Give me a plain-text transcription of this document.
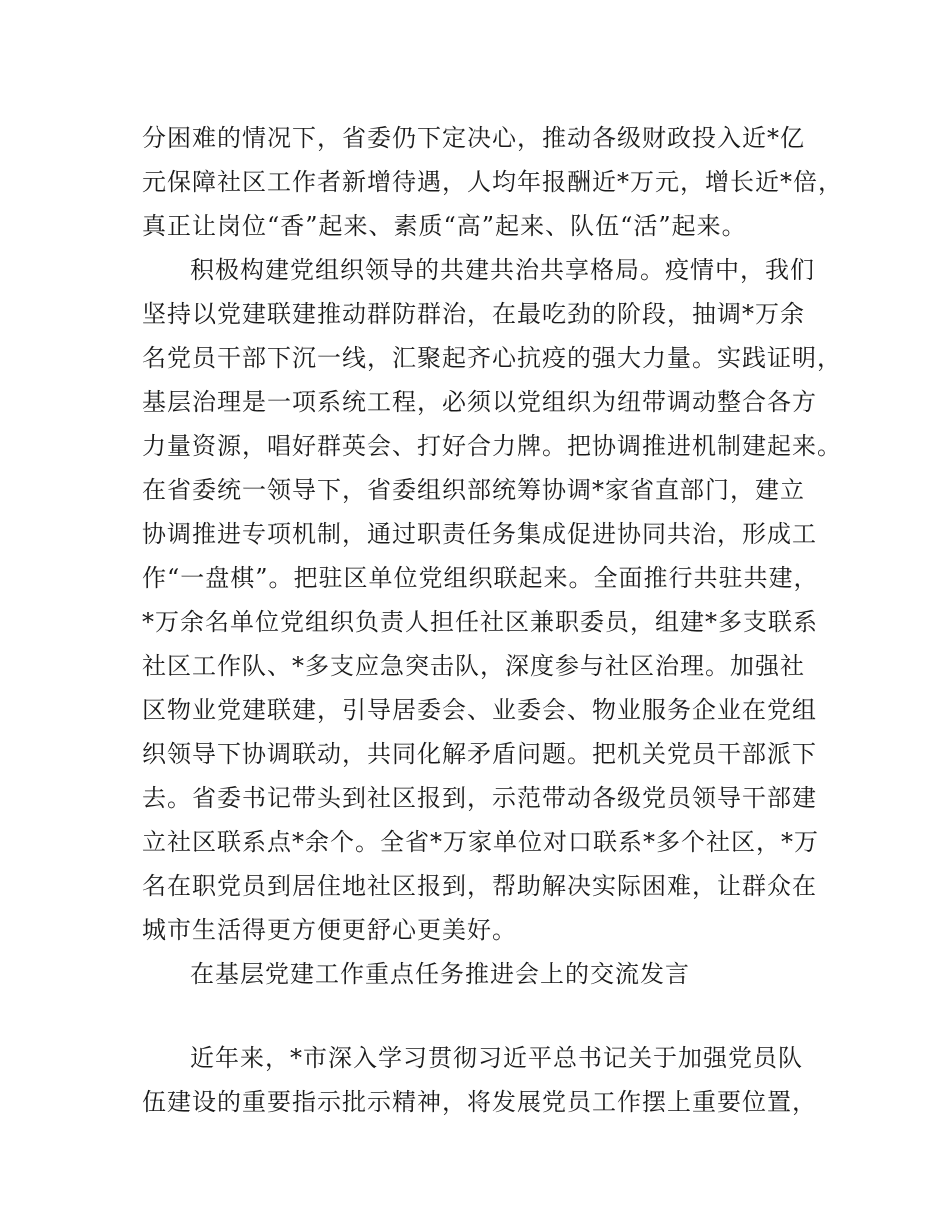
分困难的情况下，省委仍下定决心，推动各级财政投入近*亿
元保障社区工作者新增待遇，人均年报酬近*万元，增长近*倍，
真正让岗位“香”起来、素质“高”起来、队伍“活”起来。
积极构建党组织领导的共建共治共享格局。疫情中，我们
坚持以党建联建推动群防群治，在最吃劲的阶段，抽调*万余
名党员干部下沉一线，汇聚起齐心抗疫的强大力量。实践证明，
基层治理是一项系统工程，必须以党组织为纽带调动整合各方
力量资源，唱好群英会、打好合力牌。把协调推进机制建起来。
在省委统一领导下，省委组织部统筹协调*家省直部门，建立
协调推进专项机制，通过职责任务集成促进协同共治，形成工
作“一盘棋”。把驻区单位党组织联起来。全面推行共驻共建，
*万余名单位党组织负责人担任社区兼职委员，组建*多支联系
社区工作队、*多支应急突击队，深度参与社区治理。加强社
区物业党建联建，引导居委会、业委会、物业服务企业在党组
织领导下协调联动，共同化解矛盾问题。把机关党员干部派下
去。省委书记带头到社区报到，示范带动各级党员领导干部建
立社区联系点*余个。全省*万家单位对口联系*多个社区，*万
名在职党员到居住地社区报到，帮助解决实际困难，让群众在
城市生活得更方便更舒心更美好。
在基层党建工作重点任务推进会上的交流发言
近年来，*市深入学习贯彻习近平总书记关于加强党员队
伍建设的重要指示批示精神，将发展党员工作摆上重要位置，
